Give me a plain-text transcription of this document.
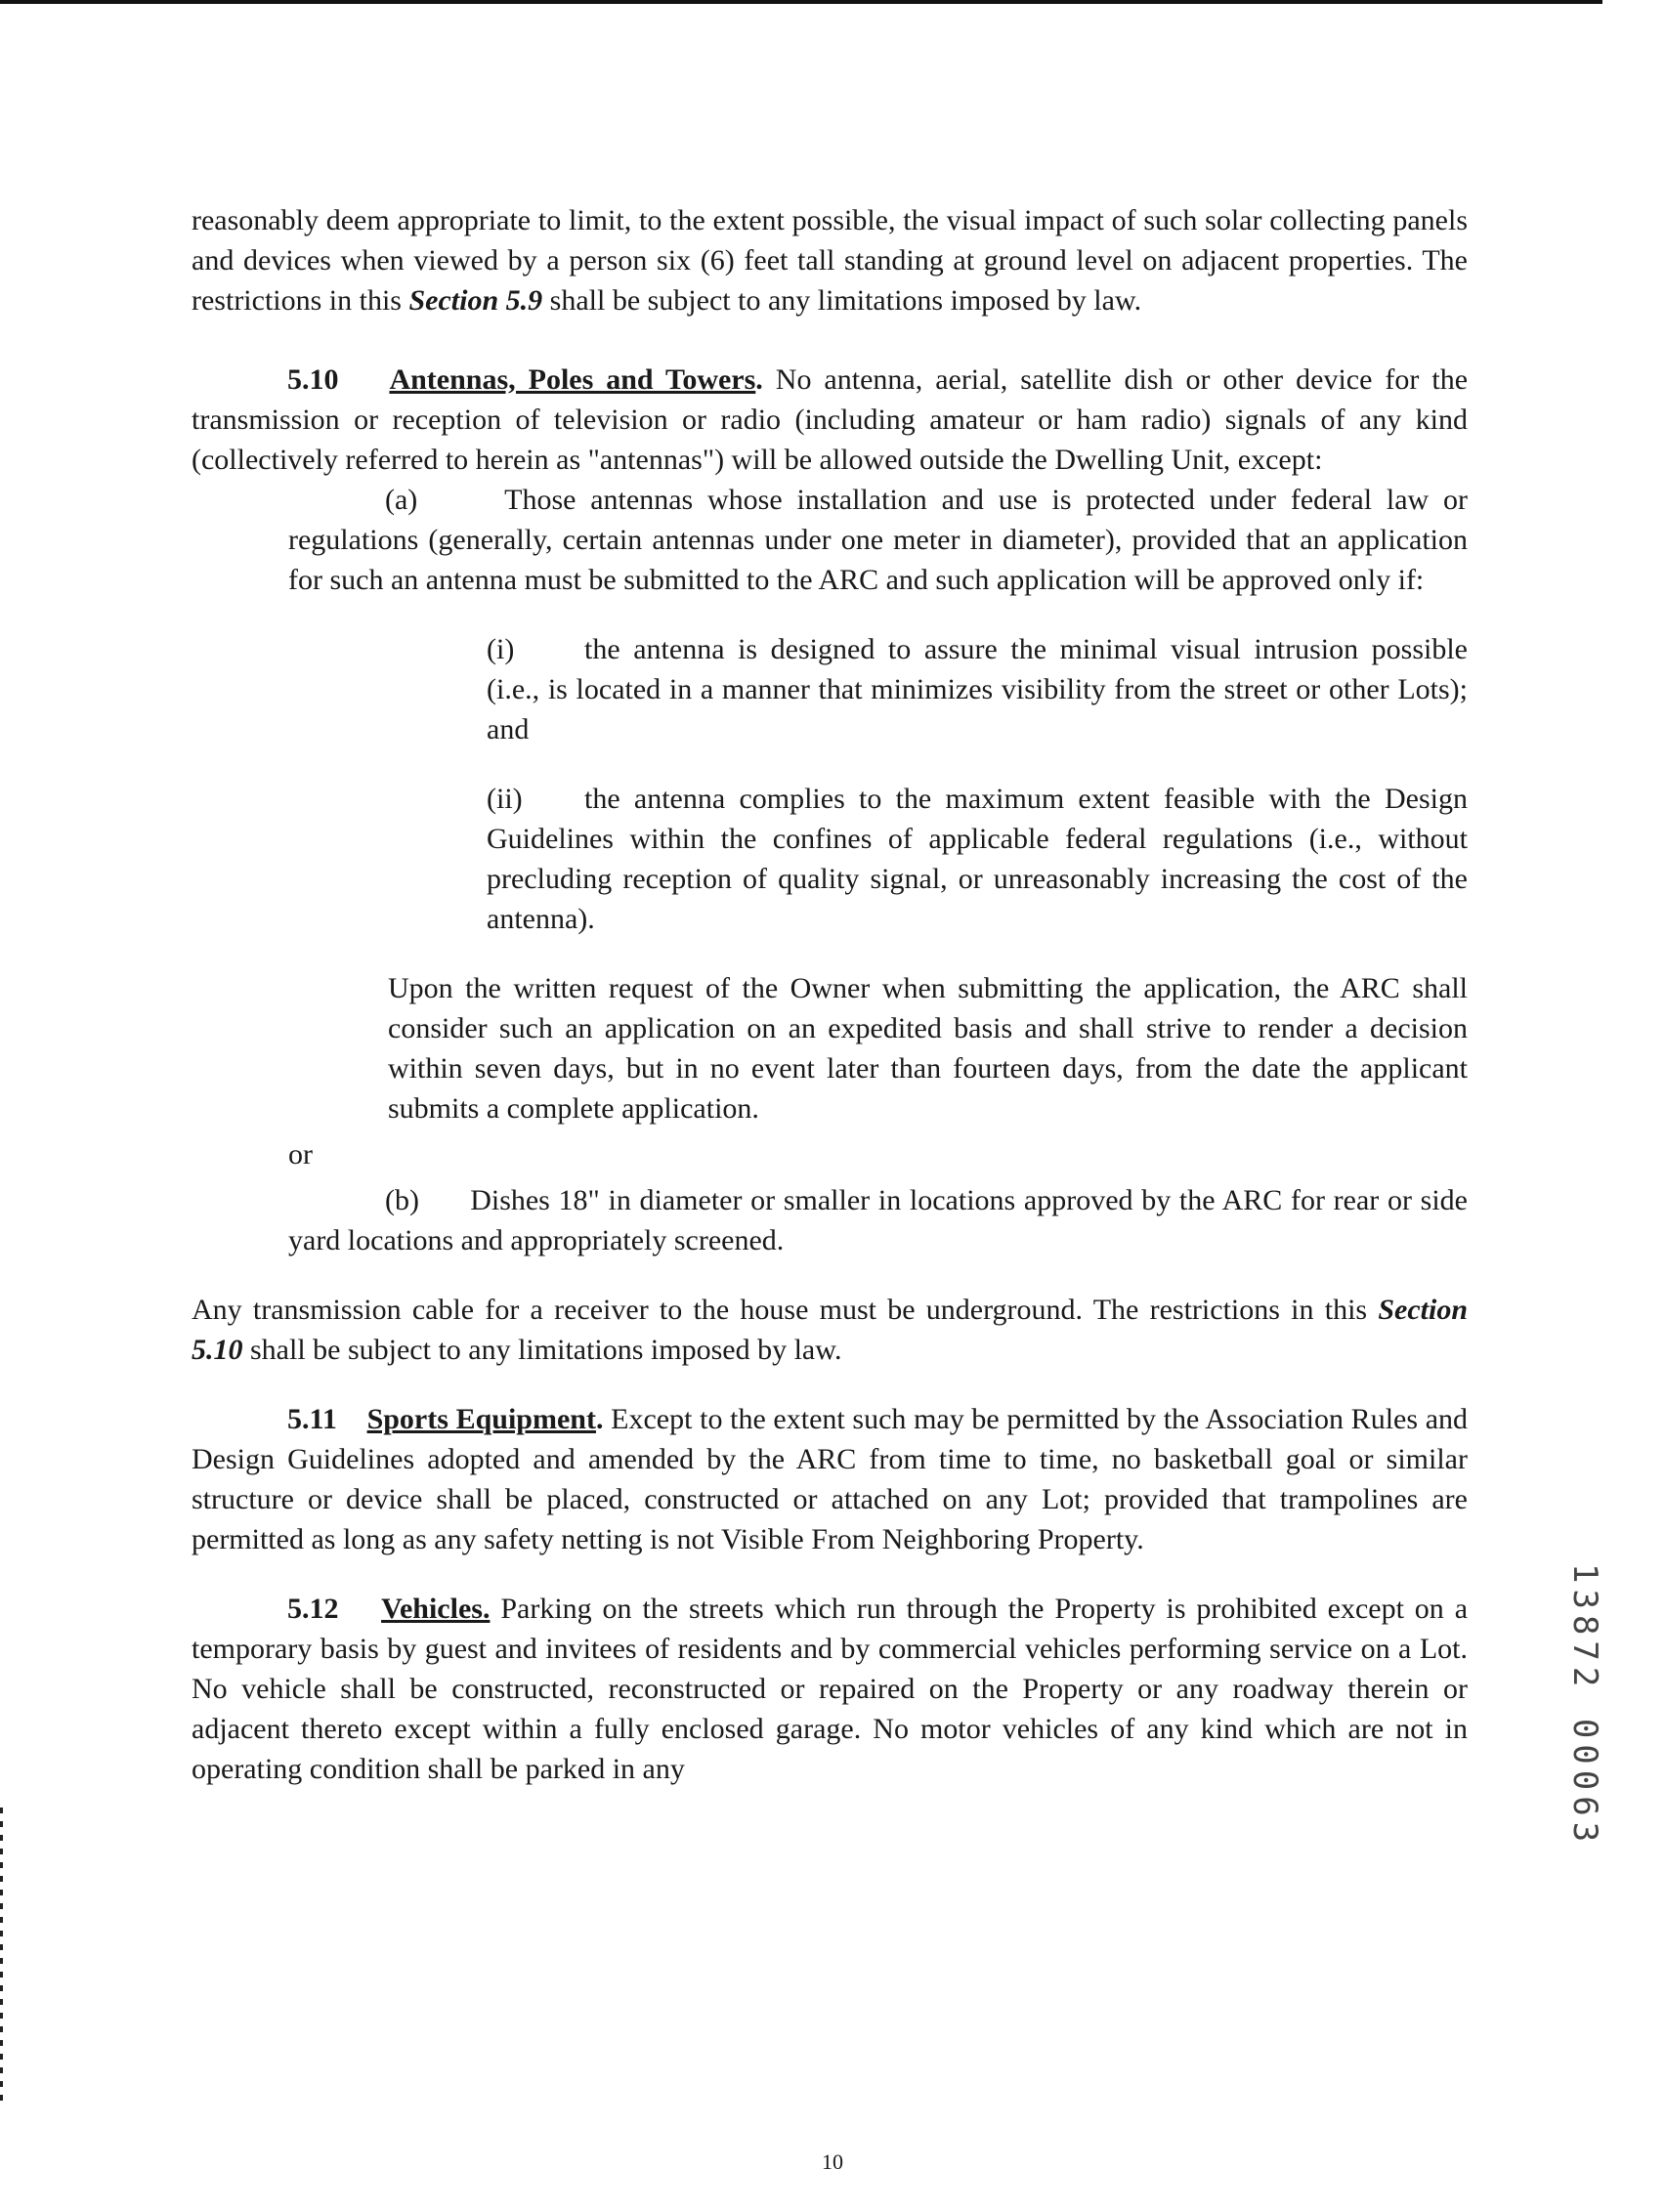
reasonably deem appropriate to limit, to the extent possible, the visual impact of such solar collecting panels and devices when viewed by a person six (6) feet tall standing at ground level on adjacent properties. The restrictions in this Section 5.9 shall be subject to any limitations imposed by law.

5.10 Antennas, Poles and Towers. No antenna, aerial, satellite dish or other device for the transmission or reception of television or radio (including amateur or ham radio) signals of any kind (collectively referred to herein as "antennas") will be allowed outside the Dwelling Unit, except:

(a)	Those antennas whose installation and use is protected under federal law or regulations (generally, certain antennas under one meter in diameter), provided that an application for such an antenna must be submitted to the ARC and such application will be approved only if:

(i) the antenna is designed to assure the minimal visual intrusion possible (i.e., is located in a manner that minimizes visibility from the street or other Lots); and

(ii) the antenna complies to the maximum extent feasible with the Design Guidelines within the confines of applicable federal regulations (i.e., without precluding reception of quality signal, or unreasonably increasing the cost of the antenna).

Upon the written request of the Owner when submitting the application, the ARC shall consider such an application on an expedited basis and shall strive to render a decision within seven days, but in no event later than fourteen days, from the date the applicant submits a complete application.

or

(b) Dishes 18" in diameter or smaller in locations approved by the ARC for rear or side yard locations and appropriately screened.

Any transmission cable for a receiver to the house must be underground. The restrictions in this Section 5.10 shall be subject to any limitations imposed by law.

5.11 Sports Equipment. Except to the extent such may be permitted by the Association Rules and Design Guidelines adopted and amended by the ARC from time to time, no basketball goal or similar structure or device shall be placed, constructed or attached on any Lot; provided that trampolines are permitted as long as any safety netting is not Visible From Neighboring Property.

5.12 Vehicles. Parking on the streets which run through the Property is prohibited except on a temporary basis by guest and invitees of residents and by commercial vehicles performing service on a Lot. No vehicle shall be constructed, reconstructed or repaired on the Property or any roadway therein or adjacent thereto except within a fully enclosed garage. No motor vehicles of any kind which are not in operating condition shall be parked in any	13872 00063
10
